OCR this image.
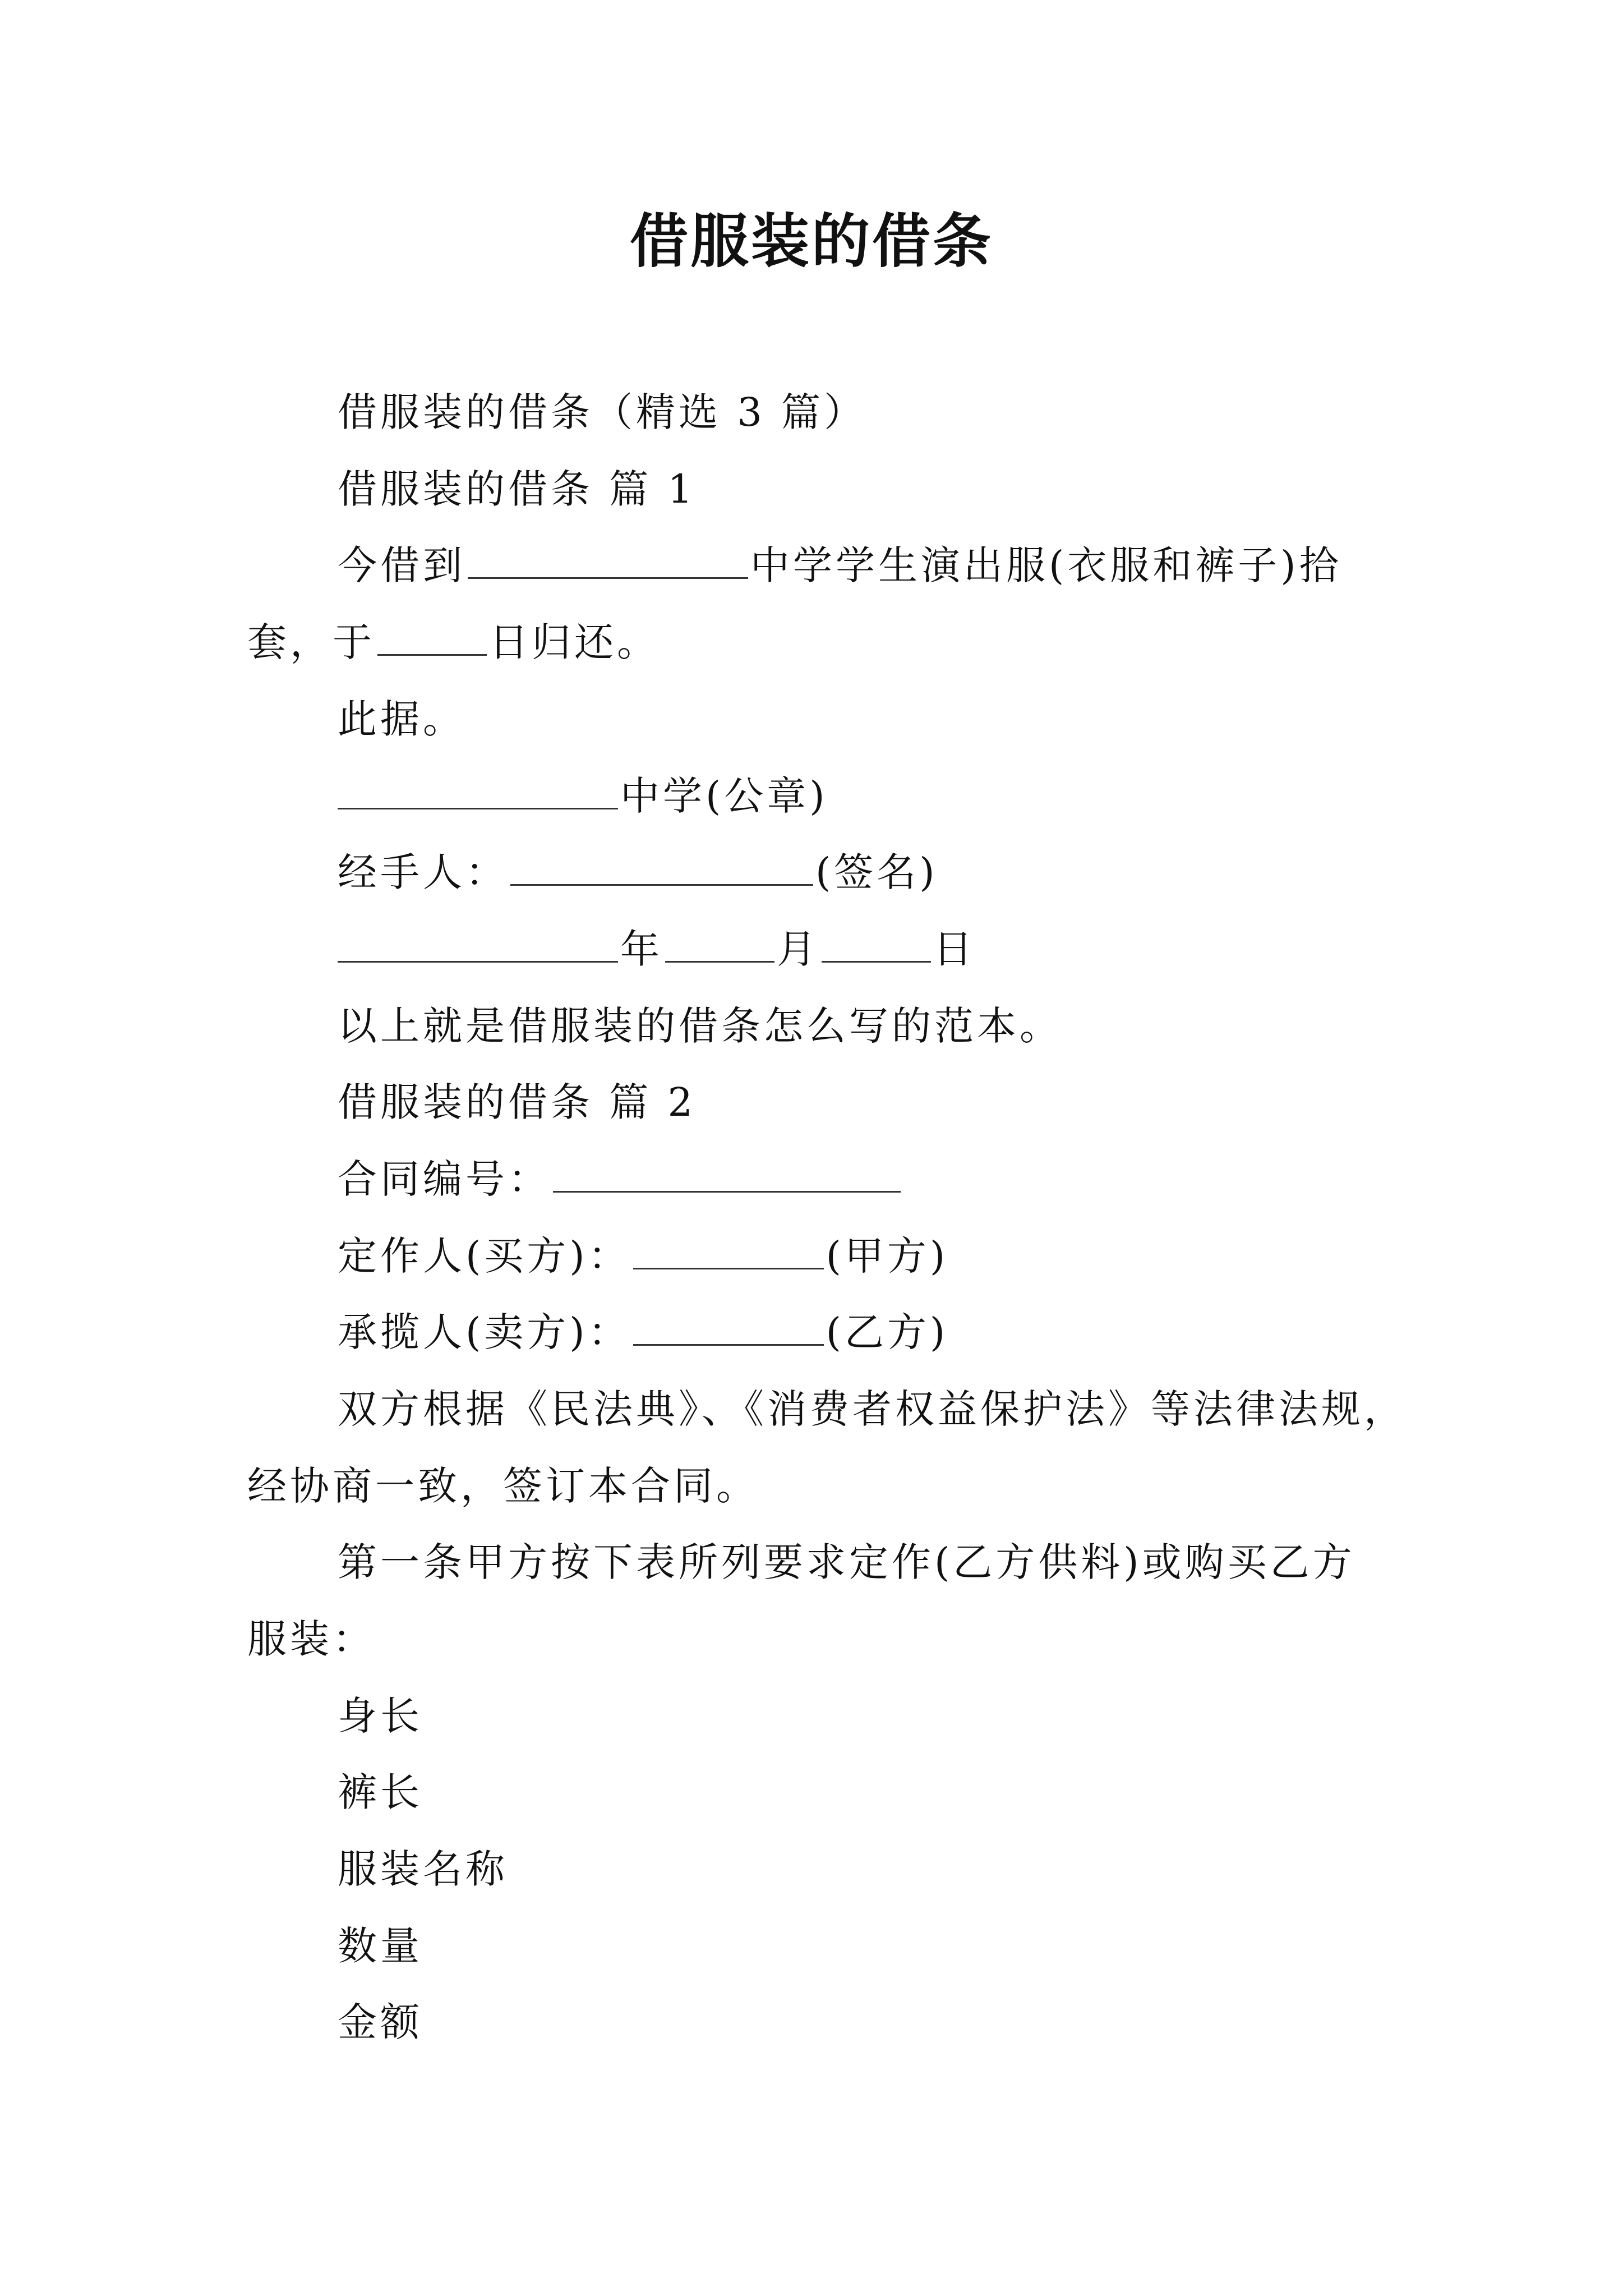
借服装的借条
借服装的借条（精选 3 篇）
借服装的借条 篇 1
今借到	中学学生演出服(衣服和裤子)拾
套，于	日归还。
此据。
中学(公章)
经手人：	(签名)
年	月	日
以上就是借服装的借条怎么写的范本。
借服装的借条 篇 2
合同编号：
定作人(买方)：	(甲方)
承揽人(卖方)：	(乙方)
双方根据《民法典》、《消费者权益保护法》等法律法规，
经协商一致，签订本合同。
第一条甲方按下表所列要求定作(乙方供料)或购买乙方
服装：
身长
裤长
服装名称
数量
金额
